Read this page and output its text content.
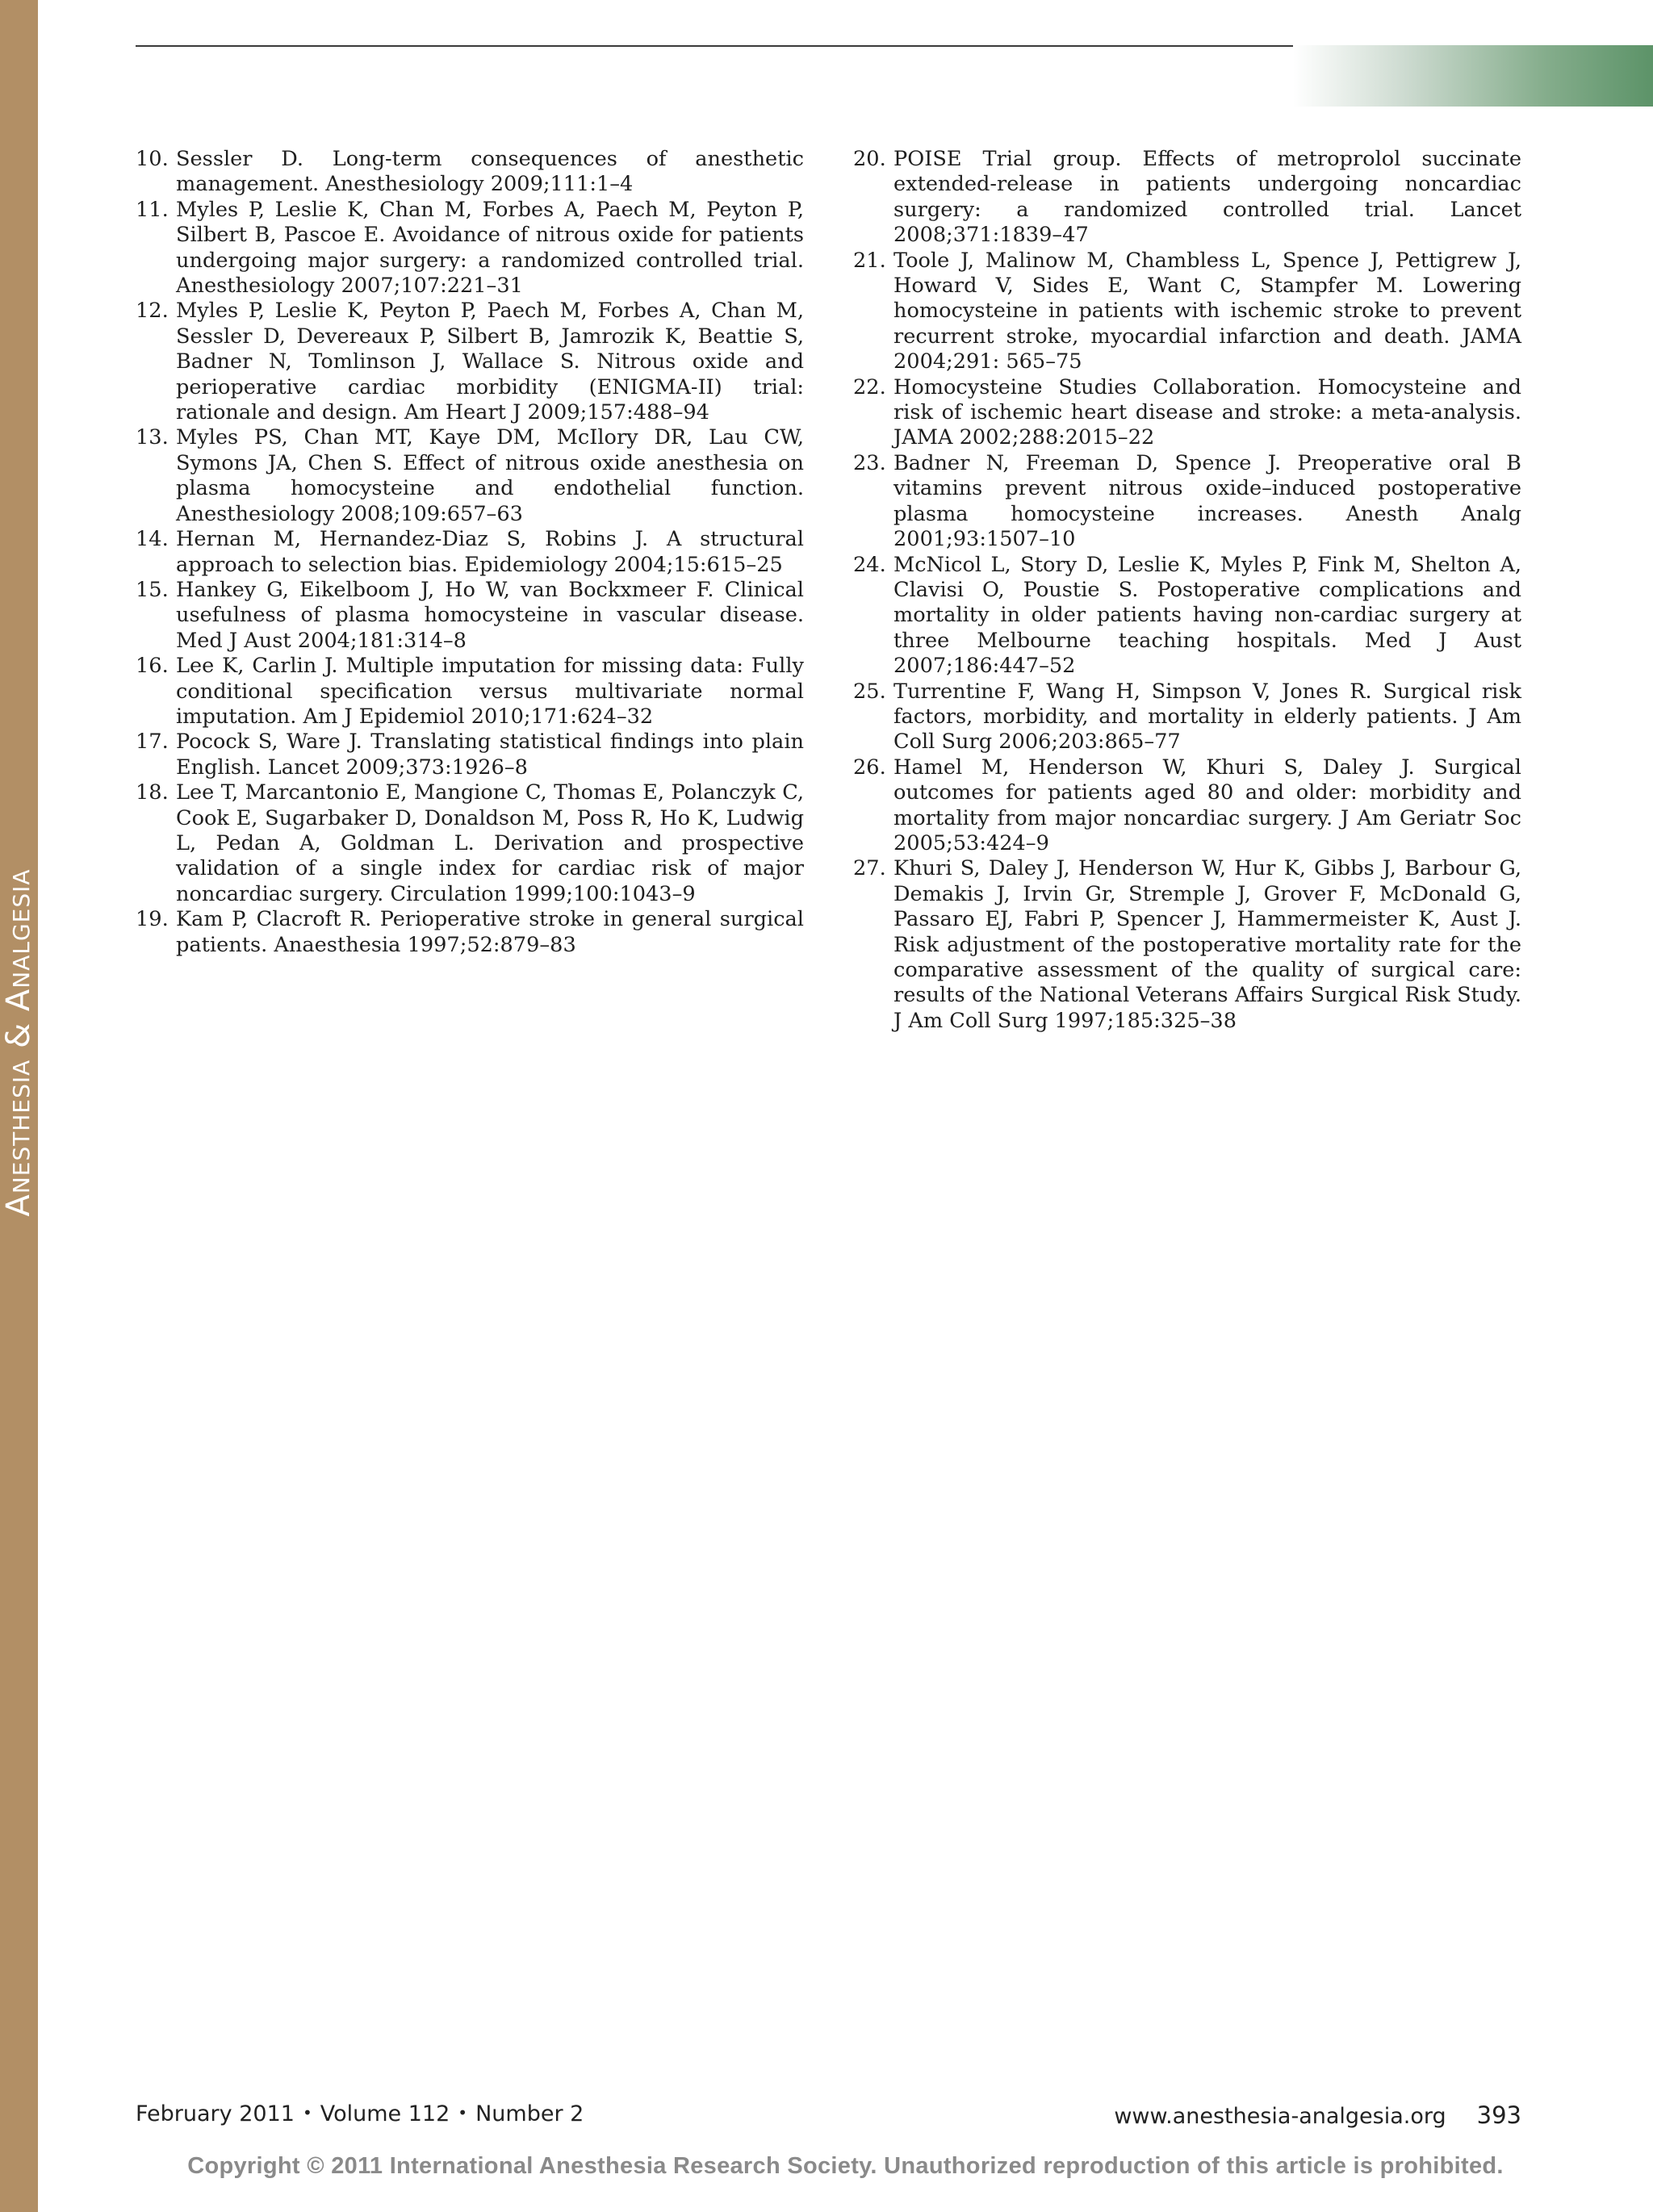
Anesthesia & Analgesia
10. Sessler D. Long-term consequences of anesthetic management. Anesthesiology 2009;111:1–4
11. Myles P, Leslie K, Chan M, Forbes A, Paech M, Peyton P, Silbert B, Pascoe E. Avoidance of nitrous oxide for patients undergoing major surgery: a randomized controlled trial. Anesthesiology 2007;107:221–31
12. Myles P, Leslie K, Peyton P, Paech M, Forbes A, Chan M, Sessler D, Devereaux P, Silbert B, Jamrozik K, Beattie S, Badner N, Tomlinson J, Wallace S. Nitrous oxide and perioperative cardiac morbidity (ENIGMA-II) trial: rationale and design. Am Heart J 2009;157:488–94
13. Myles PS, Chan MT, Kaye DM, McIlory DR, Lau CW, Symons JA, Chen S. Effect of nitrous oxide anesthesia on plasma homocysteine and endothelial function. Anesthesiology 2008;109:657–63
14. Hernan M, Hernandez-Diaz S, Robins J. A structural approach to selection bias. Epidemiology 2004;15:615–25
15. Hankey G, Eikelboom J, Ho W, van Bockxmeer F. Clinical usefulness of plasma homocysteine in vascular disease. Med J Aust 2004;181:314–8
16. Lee K, Carlin J. Multiple imputation for missing data: Fully conditional specification versus multivariate normal imputation. Am J Epidemiol 2010;171:624–32
17. Pocock S, Ware J. Translating statistical findings into plain English. Lancet 2009;373:1926–8
18. Lee T, Marcantonio E, Mangione C, Thomas E, Polanczyk C, Cook E, Sugarbaker D, Donaldson M, Poss R, Ho K, Ludwig L, Pedan A, Goldman L. Derivation and prospective validation of a single index for cardiac risk of major noncardiac surgery. Circulation 1999;100:1043–9
19. Kam P, Clacroft R. Perioperative stroke in general surgical patients. Anaesthesia 1997;52:879–83
20. POISE Trial group. Effects of metroprolol succinate extended-release in patients undergoing noncardiac surgery: a randomized controlled trial. Lancet 2008;371:1839–47
21. Toole J, Malinow M, Chambless L, Spence J, Pettigrew J, Howard V, Sides E, Want C, Stampfer M. Lowering homocysteine in patients with ischemic stroke to prevent recurrent stroke, myocardial infarction and death. JAMA 2004;291: 565–75
22. Homocysteine Studies Collaboration. Homocysteine and risk of ischemic heart disease and stroke: a meta-analysis. JAMA 2002;288:2015–22
23. Badner N, Freeman D, Spence J. Preoperative oral B vitamins prevent nitrous oxide–induced postoperative plasma homocysteine increases. Anesth Analg 2001;93:1507–10
24. McNicol L, Story D, Leslie K, Myles P, Fink M, Shelton A, Clavisi O, Poustie S. Postoperative complications and mortality in older patients having non-cardiac surgery at three Melbourne teaching hospitals. Med J Aust 2007;186:447–52
25. Turrentine F, Wang H, Simpson V, Jones R. Surgical risk factors, morbidity, and mortality in elderly patients. J Am Coll Surg 2006;203:865–77
26. Hamel M, Henderson W, Khuri S, Daley J. Surgical outcomes for patients aged 80 and older: morbidity and mortality from major noncardiac surgery. J Am Geriatr Soc 2005;53:424–9
27. Khuri S, Daley J, Henderson W, Hur K, Gibbs J, Barbour G, Demakis J, Irvin Gr, Stremple J, Grover F, McDonald G, Passaro EJ, Fabri P, Spencer J, Hammermeister K, Aust J. Risk adjustment of the postoperative mortality rate for the comparative assessment of the quality of surgical care: results of the National Veterans Affairs Surgical Risk Study. J Am Coll Surg 1997;185:325–38
February 2011 • Volume 112 • Number 2	www.anesthesia-analgesia.org 393
Copyright © 2011 International Anesthesia Research Society. Unauthorized reproduction of this article is prohibited.
